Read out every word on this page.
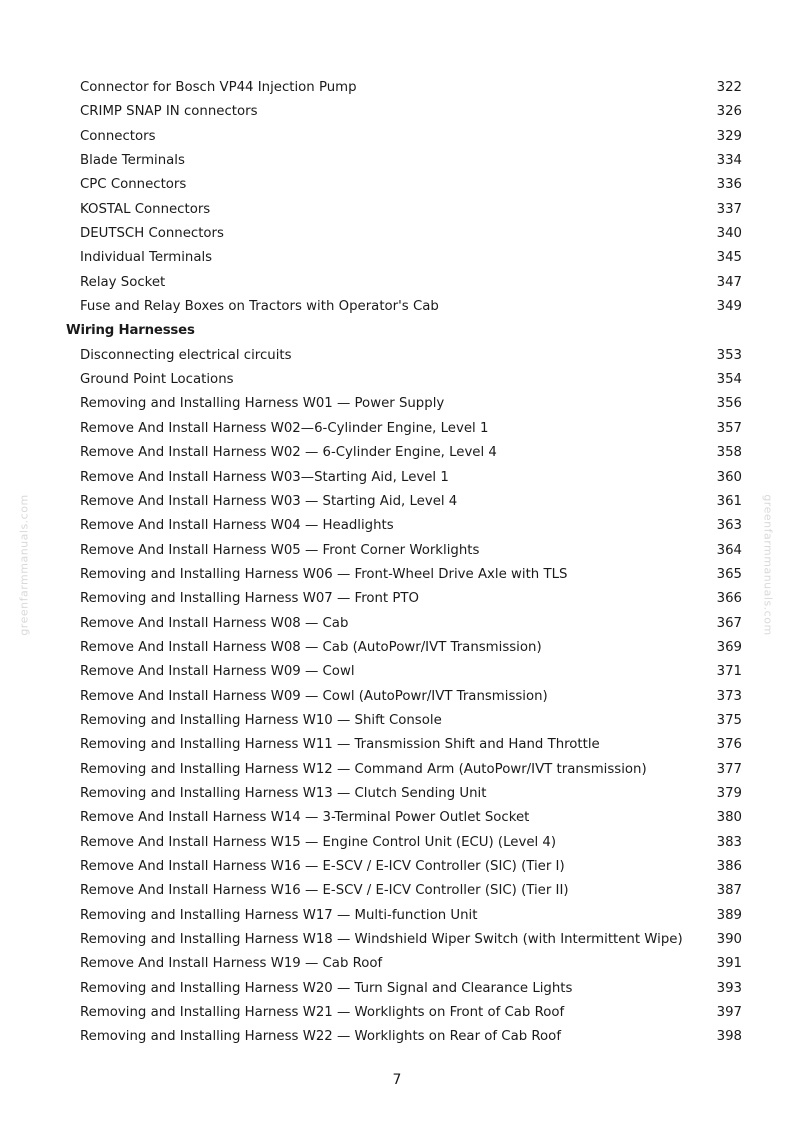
greenfarmmanuals.com	greenfarmmanuals.com
Connector for Bosch VP44 Injection Pump	322
CRIMP SNAP IN connectors	326
Connectors	329
Blade Terminals	334
CPC Connectors	336
KOSTAL Connectors	337
DEUTSCH Connectors	340
Individual Terminals	345
Relay Socket	347
Fuse and Relay Boxes on Tractors with Operator's Cab	349
Wiring Harnesses
Disconnecting electrical circuits	353
Ground Point Locations	354
Removing and Installing Harness W01 — Power Supply	356
Remove And Install Harness W02—6-Cylinder Engine, Level 1	357
Remove And Install Harness W02 — 6-Cylinder Engine, Level 4	358
Remove And Install Harness W03—Starting Aid, Level 1	360
Remove And Install Harness W03 — Starting Aid, Level 4	361
Remove And Install Harness W04 — Headlights	363
Remove And Install Harness W05 — Front Corner Worklights	364
Removing and Installing Harness W06 — Front-Wheel Drive Axle with TLS	365
Removing and Installing Harness W07 — Front PTO	366
Remove And Install Harness W08 — Cab	367
Remove And Install Harness W08 — Cab (AutoPowr/IVT Transmission)	369
Remove And Install Harness W09 — Cowl	371
Remove And Install Harness W09 — Cowl (AutoPowr/IVT Transmission)	373
Removing and Installing Harness W10 — Shift Console	375
Removing and Installing Harness W11 — Transmission Shift and Hand Throttle	376
Removing and Installing Harness W12 — Command Arm (AutoPowr/IVT transmission)	377
Removing and Installing Harness W13 — Clutch Sending Unit	379
Remove And Install Harness W14 — 3-Terminal Power Outlet Socket	380
Remove And Install Harness W15 — Engine Control Unit (ECU) (Level 4)	383
Remove And Install Harness W16 — E-SCV / E-ICV Controller (SIC) (Tier I)	386
Remove And Install Harness W16 — E-SCV / E-ICV Controller (SIC) (Tier II)	387
Removing and Installing Harness W17 — Multi-function Unit	389
Removing and Installing Harness W18 — Windshield Wiper Switch (with Intermittent Wipe)	390
Remove And Install Harness W19 — Cab Roof	391
Removing and Installing Harness W20 — Turn Signal and Clearance Lights	393
Removing and Installing Harness W21 — Worklights on Front of Cab Roof	397
Removing and Installing Harness W22 — Worklights on Rear of Cab Roof	398
7
